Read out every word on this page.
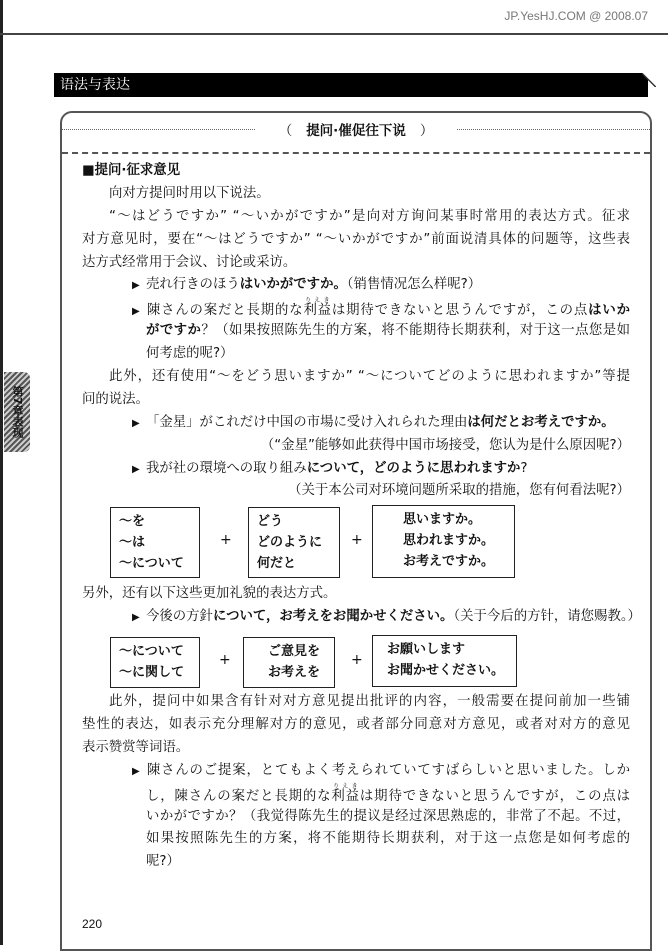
JP.YesHJ.COM @ 2008.07
语法与表达
第7章表现
（ 提问·催促往下说 ）
■提问·征求意见
向对方提问时用以下说法。
“～はどうですか” “～いかがですか”是向对方询问某事时常用的表达方式。征求
对方意见时，要在“～はどうですか” “～いかがですか”前面说清具体的问题等，这些表
达方式经常用于会议、讨论或采访。
▶ 売れ行きのほうはいかがですか。（销售情况怎么样呢?）
▶ 陳さんの案だと長期的な利益りえきは期待できないと思うんですが，この点はいか
がですか？（如果按照陈先生的方案，将不能期待长期获利，对于这一点您是如
何考虑的呢?）
此外，还有使用“～をどう思いますか” “～についてどのように思われますか”等提
问的说法。
▶ 「金星」がこれだけ中国の市場に受け入れられた理由は何だとお考えですか。
（“金星”能够如此获得中国市场接受，您认为是什么原因呢?）
▶ 我が社の環境への取り組みについて，どのように思われますか?
（关于本公司对环境问题所采取的措施，您有何看法呢?）
另外，还有以下这些更加礼貌的表达方式。
▶ 今後の方針について，お考えをお聞かせください。（关于今后的方针，请您赐教。）
此外，提问中如果含有针对对方意见提出批评的内容，一般需要在提问前加一些铺
垫性的表达，如表示充分理解对方的意见，或者部分同意对方意见，或者对对方的意见
表示赞赏等词语。
▶ 陳さんのご提案，とてもよく考えられていてすばらしいと思いました。しか
し，陳さんの案だと長期的な利益りえきは期待できないと思うんですが，この点は
いかがですか？（我觉得陈先生的提议是经过深思熟虑的，非常了不起。不过，
如果按照陈先生的方案，将不能期待长期获利，对于这一点您是如何考虑的
呢?）
～を
～は
～について
+
どう
どのように
何だと
+
思いますか。
思われますか。
お考えですか。
～について
～に関して
+
ご意見を
お考えを
+
お願いします
お聞かせください。
220
